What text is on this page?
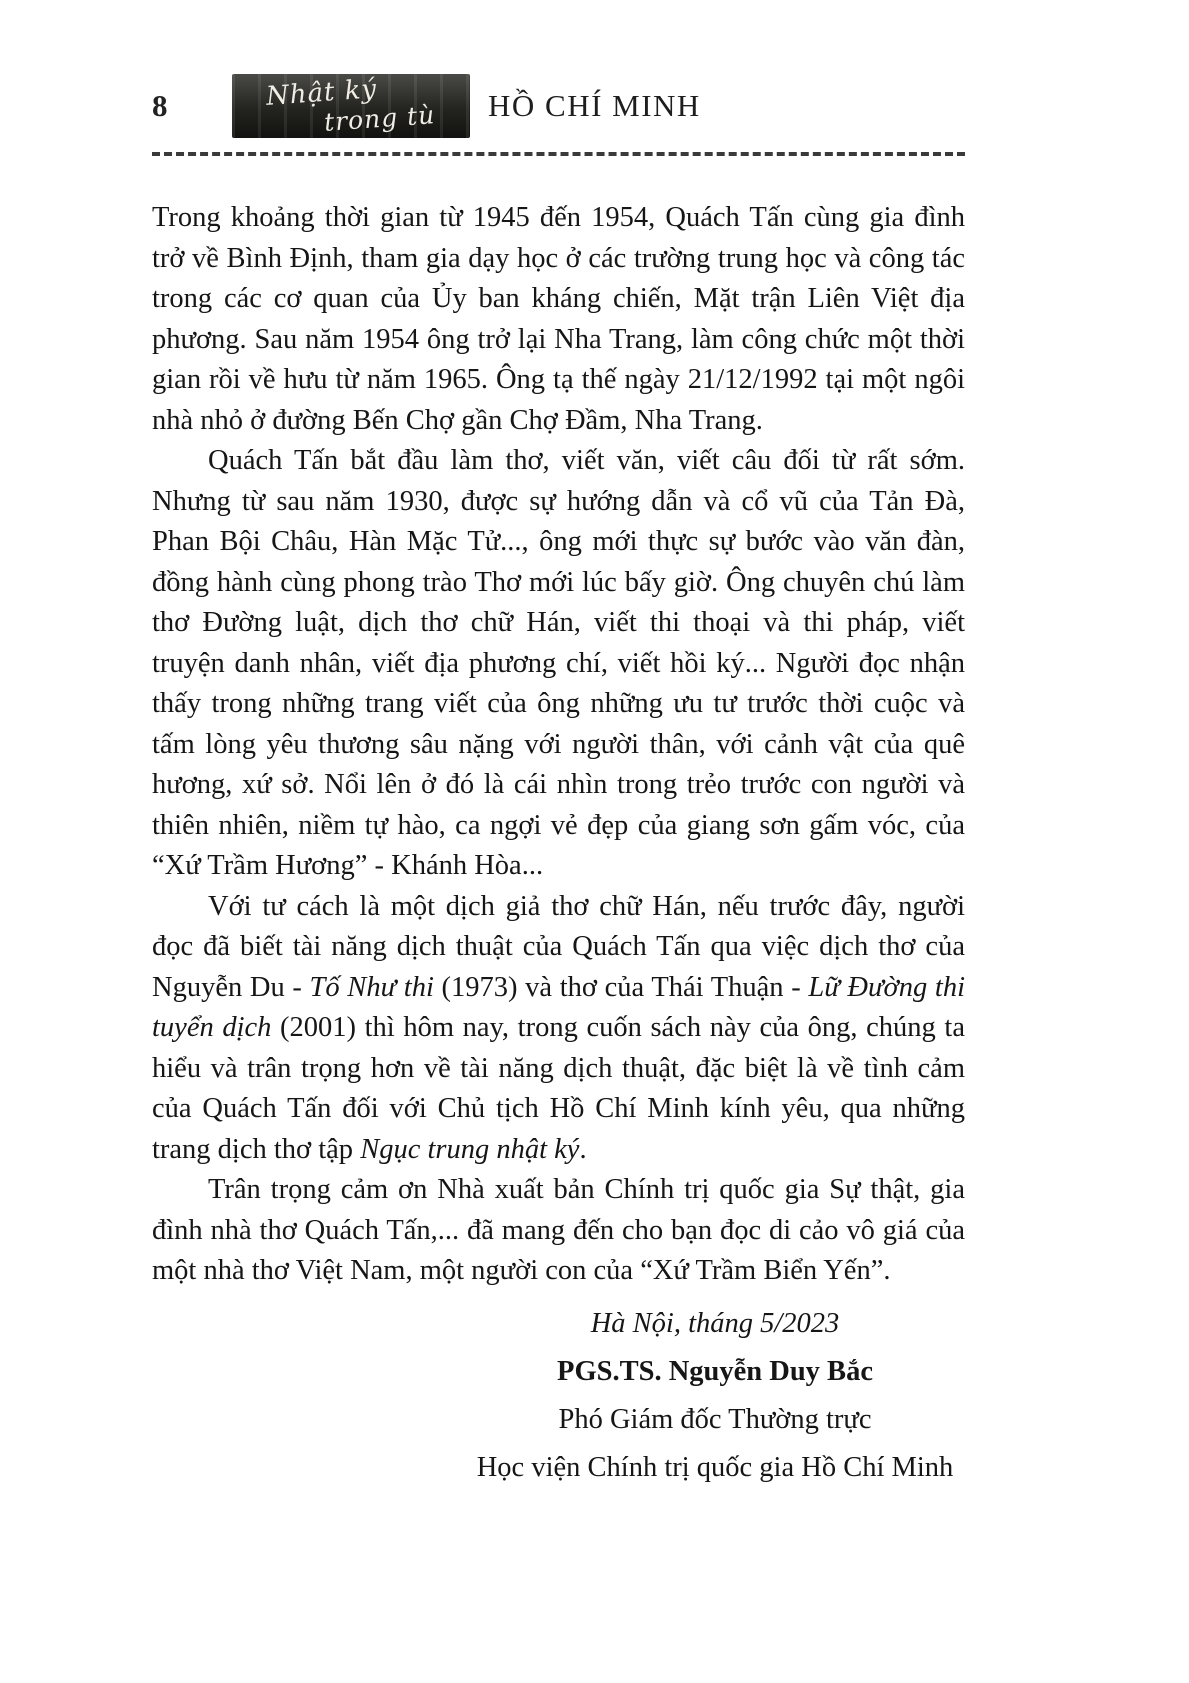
8	Nhật ký
trong tù HỒ CHÍ MINH

Trong khoảng thời gian từ 1945 đến 1954, Quách Tấn cùng gia đình trở về Bình Định, tham gia dạy học ở các trường trung học và công tác trong các cơ quan của Ủy ban kháng chiến, Mặt trận Liên Việt địa phương. Sau năm 1954 ông trở lại Nha Trang, làm công chức một thời gian rồi về hưu từ năm 1965. Ông tạ thế ngày 21/12/1992 tại một ngôi nhà nhỏ ở đường Bến Chợ gần Chợ Đầm, Nha Trang.

Quách Tấn bắt đầu làm thơ, viết văn, viết câu đối từ rất sớm. Nhưng từ sau năm 1930, được sự hướng dẫn và cổ vũ của Tản Đà, Phan Bội Châu, Hàn Mặc Tử..., ông mới thực sự bước vào văn đàn, đồng hành cùng phong trào Thơ mới lúc bấy giờ. Ông chuyên chú làm thơ Đường luật, dịch thơ chữ Hán, viết thi thoại và thi pháp, viết truyện danh nhân, viết địa phương chí, viết hồi ký... Người đọc nhận thấy trong những trang viết của ông những ưu tư trước thời cuộc và tấm lòng yêu thương sâu nặng với người thân, với cảnh vật của quê hương, xứ sở. Nổi lên ở đó là cái nhìn trong trẻo trước con người và thiên nhiên, niềm tự hào, ca ngợi vẻ đẹp của giang sơn gấm vóc, của “Xứ Trầm Hương” - Khánh Hòa...

Với tư cách là một dịch giả thơ chữ Hán, nếu trước đây, người đọc đã biết tài năng dịch thuật của Quách Tấn qua việc dịch thơ của Nguyễn Du - Tố Như thi (1973) và thơ của Thái Thuận - Lữ Đường thi tuyển dịch (2001) thì hôm nay, trong cuốn sách này của ông, chúng ta hiểu và trân trọng hơn về tài năng dịch thuật, đặc biệt là về tình cảm của Quách Tấn đối với Chủ tịch Hồ Chí Minh kính yêu, qua những trang dịch thơ tập Ngục trung nhật ký.

Trân trọng cảm ơn Nhà xuất bản Chính trị quốc gia Sự thật, gia đình nhà thơ Quách Tấn,... đã mang đến cho bạn đọc di cảo vô giá của một nhà thơ Việt Nam, một người con của “Xứ Trầm Biển Yến”.

Hà Nội, tháng 5/2023
PGS.TS. Nguyễn Duy Bắc
Phó Giám đốc Thường trực
Học viện Chính trị quốc gia Hồ Chí Minh
